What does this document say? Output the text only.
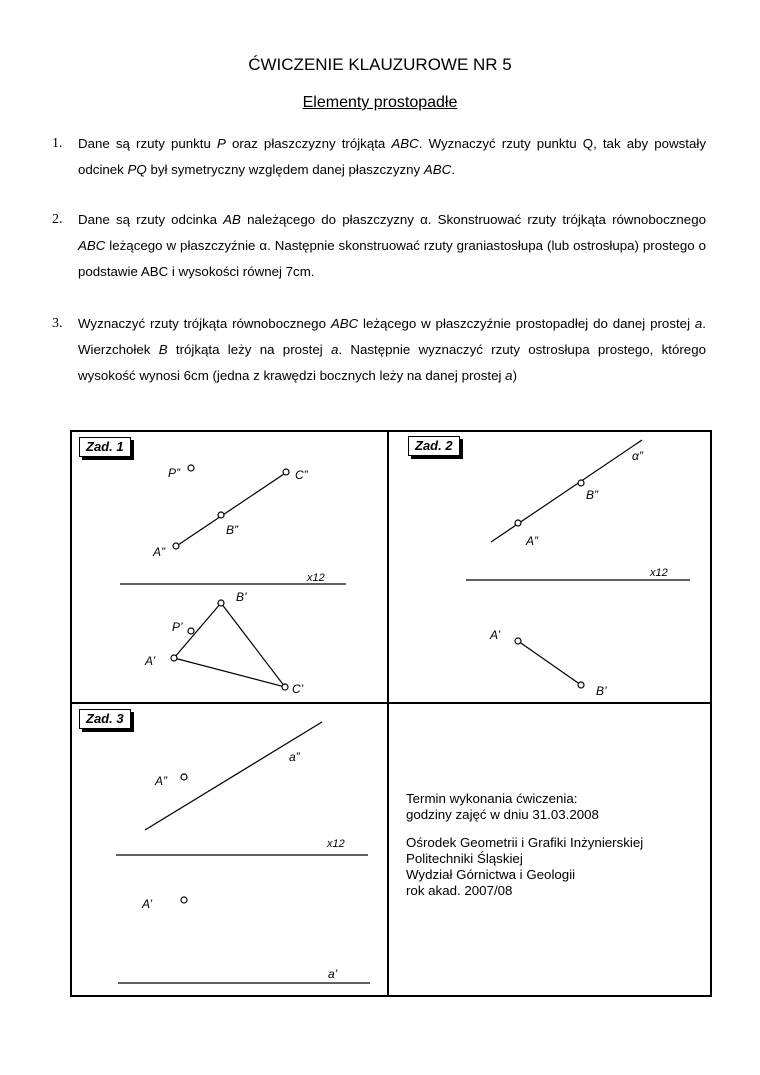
ĆWICZENIE KLAUZUROWE NR 5
Elementy prostopadłe
1. Dane są rzuty punktu P oraz płaszczyzny trójkąta ABC. Wyznaczyć rzuty punktu Q, tak aby powstały odcinek PQ był symetryczny względem danej płaszczyzny ABC.
2. Dane są rzuty odcinka AB należącego do płaszczyzny α. Skonstruować rzuty trójkąta równobocznego ABC leżącego w płaszczyźnie α. Następnie skonstruować rzuty graniastosłupa (lub ostrosłupa) prostego o podstawie ABC i wysokości równej 7cm.
3. Wyznaczyć rzuty trójkąta równobocznego ABC leżącego w płaszczyźnie prostopadłej do danej prostej a. Wierzchołek B trójkąta leży na prostej a. Następnie wyznaczyć rzuty ostrosłupa prostego, którego wysokość wynosi 6cm (jedna z krawędzi bocznych leży na danej prostej a)
Zad. 1	Zad. 2
Zad. 3
P”	C”
B”
A”
x12
B’
P’
A’
C’
α”
B”
A”
x12
A’
B’
a”
A”
x12
A’
a’
Termin wykonania ćwiczenia:
godziny zajęć w dniu 31.03.2008
Ośrodek Geometrii i Grafiki Inżynierskiej
Politechniki Śląskiej
Wydział Górnictwa i Geologii
rok akad. 2007/08
